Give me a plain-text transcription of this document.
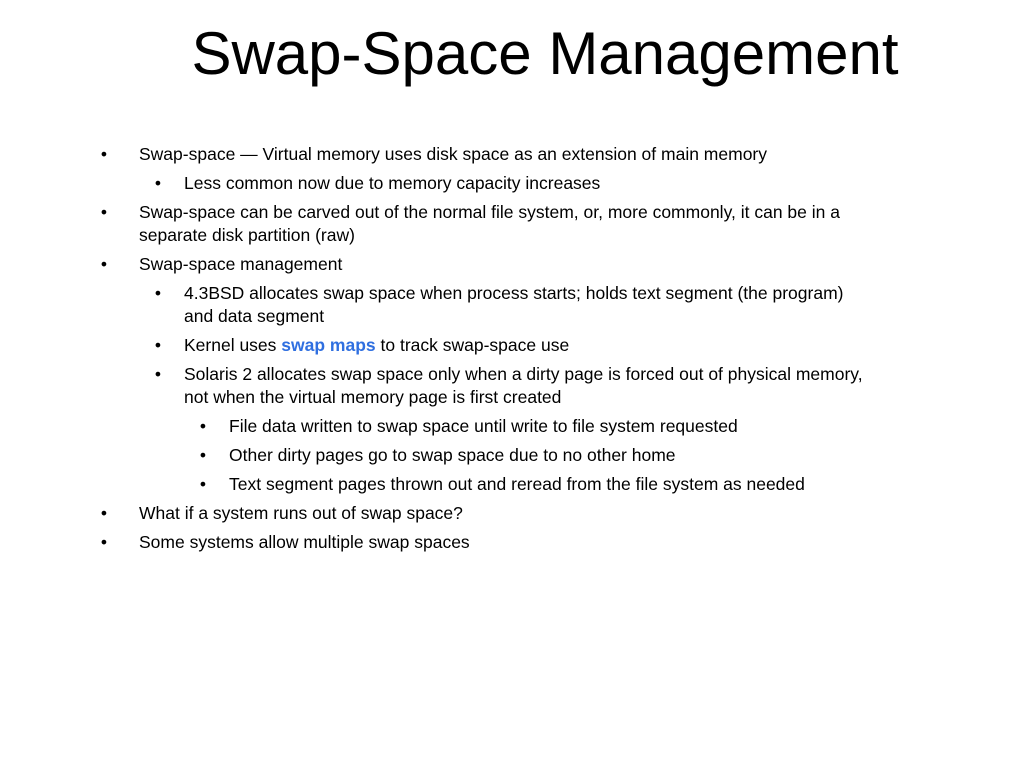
Swap-Space Management
• Swap-space — Virtual memory uses disk space as an extension of main memory
• Less common now due to memory capacity increases
• Swap-space can be carved out of the normal file system, or, more commonly, it can be in a separate disk partition (raw)
• Swap-space management
• 4.3BSD allocates swap space when process starts; holds text segment (the program) and data segment
• Kernel uses swap maps to track swap-space use
• Solaris 2 allocates swap space only when a dirty page is forced out of physical memory, not when the virtual memory page is first created
• File data written to swap space until write to file system requested
• Other dirty pages go to swap space due to no other home
• Text segment pages thrown out and reread from the file system as needed
• What if a system runs out of swap space?
• Some systems allow multiple swap spaces
